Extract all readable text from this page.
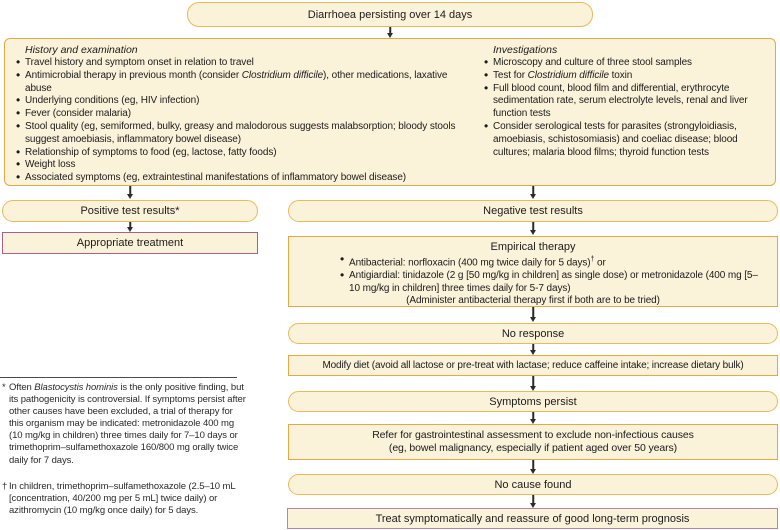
Diarrhoea persisting over 14 days
History and examination
• Travel history and symptom onset in relation to travel
• Antimicrobial therapy in previous month (consider Clostridium difficile), other medications, laxative abuse
• Underlying conditions (eg, HIV infection)
• Fever (consider malaria)
• Stool quality (eg, semiformed, bulky, greasy and malodorous suggests malabsorption; bloody stools suggest amoebiasis, inflammatory bowel disease)
• Relationship of symptoms to food (eg, lactose, fatty foods)
• Weight loss
• Associated symptoms (eg, extraintestinal manifestations of inflammatory bowel disease)
Investigations
• Microscopy and culture of three stool samples
• Test for Clostridium difficile toxin
• Full blood count, blood film and differential, erythrocyte sedimentation rate, serum electrolyte levels, renal and liver function tests
• Consider serological tests for parasites (strongyloidiasis, amoebiasis, schistosomiasis) and coeliac disease; blood cultures; malaria blood films; thyroid function tests
Positive test results*
Appropriate treatment
Negative test results
Empirical therapy
• Antibacterial: norfloxacin (400 mg twice daily for 5 days)† or
• Antigiardial: tinidazole (2 g [50 mg/kg in children] as single dose) or metronidazole (400 mg [5–10 mg/kg in children] three times daily for 5-7 days)
(Administer antibacterial therapy first if both are to be tried)
No response
Modify diet (avoid all lactose or pre-treat with lactase; reduce caffeine intake; increase dietary bulk)
Symptoms persist
Refer for gastrointestinal assessment to exclude non-infectious causes
(eg, bowel malignancy, especially if patient aged over 50 years)
No cause found
Treat symptomatically and reassure of good long-term prognosis
* Often Blastocystis hominis is the only positive finding, but its pathogenicity is controversial. If symptoms persist after other causes have been excluded, a trial of therapy for this organism may be indicated: metronidazole 400 mg (10 mg/kg in children) three times daily for 7–10 days or trimethoprim–sulfamethoxazole 160/800 mg orally twice daily for 7 days.
† In children, trimethoprim–sulfamethoxazole (2.5–10 mL [concentration, 40/200 mg per 5 mL] twice daily) or azithromycin (10 mg/kg once daily) for 5 days.
